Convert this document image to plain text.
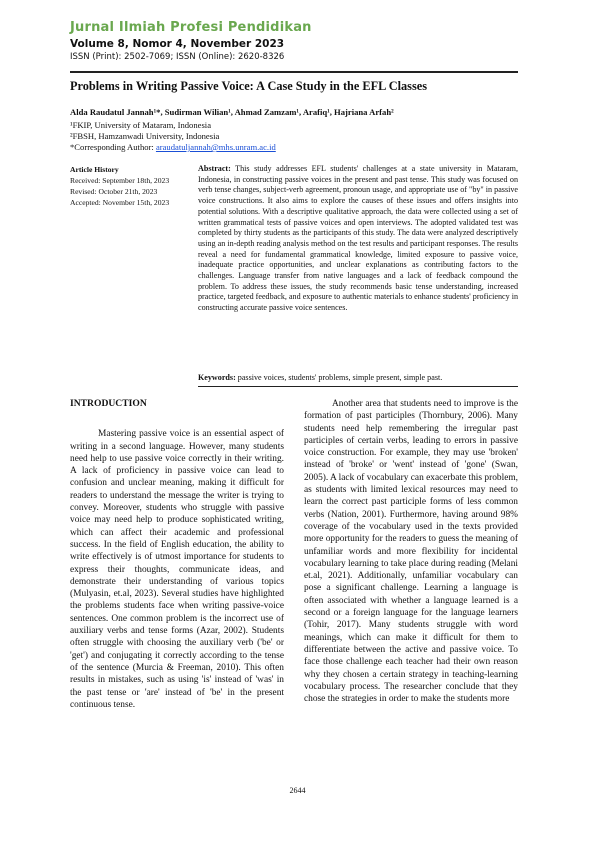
Jurnal Ilmiah Profesi Pendidikan
Volume 8, Nomor 4, November 2023
ISSN (Print): 2502-7069; ISSN (Online): 2620-8326
Problems in Writing Passive Voice: A Case Study in the EFL Classes
Alda Raudatul Jannah¹*, Sudirman Wilian¹, Ahmad Zamzam¹, Arafiq¹, Hajriana Arfah²
¹FKIP, University of Mataram, Indonesia
²FBSH, Hamzanwadi University, Indonesia
*Corresponding Author: araudatuljannah@mhs.unram.ac.id
Article History
Received: September 18th, 2023
Revised: October 21th, 2023
Accepted: November 15th, 2023
Abstract: This study addresses EFL students' challenges at a state university in Mataram, Indonesia, in constructing passive voices in the present and past tense. This study was focused on verb tense changes, subject-verb agreement, pronoun usage, and appropriate use of "by" in passive voice constructions. It also aims to explore the causes of these issues and offers insights into potential solutions. With a descriptive qualitative approach, the data were collected using a set of written grammatical tests of passive voices and open interviews. The adopted validated test was completed by thirty students as the participants of this study. The data were analyzed descriptively using an in-depth reading analysis method on the test results and participant responses. The results reveal a need for fundamental grammatical knowledge, limited exposure to passive voice, inadequate practice opportunities, and unclear explanations as contributing factors to the challenges. Language transfer from native languages and a lack of feedback compound the problem. To address these issues, the study recommends basic tense understanding, increased practice, targeted feedback, and exposure to authentic materials to enhance students' proficiency in constructing accurate passive voice sentences.
Keywords: passive voices, students' problems, simple present, simple past.
INTRODUCTION

Mastering passive voice is an essential aspect of writing in a second language. However, many students need help to use passive voice correctly in their writing. A lack of proficiency in passive voice can lead to confusion and unclear meaning, making it difficult for readers to understand the message the writer is trying to convey. Moreover, students who struggle with passive voice may need help to produce sophisticated writing, which can affect their academic and professional success. In the field of English education, the ability to write effectively is of utmost importance for students to express their thoughts, communicate ideas, and demonstrate their understanding of various topics (Mulyasin, et.al, 2023). Several studies have highlighted the problems students face when writing passive-voice sentences. One common problem is the incorrect use of auxiliary verbs and tense forms (Azar, 2002). Students often struggle with choosing the auxiliary verb ('be' or 'get') and conjugating it correctly according to the tense of the sentence (Murcia & Freeman, 2010). This often results in mistakes, such as using 'is' instead of 'was' in the past tense or 'are' instead of 'be' in the present continuous tense.

Another area that students need to improve is the formation of past participles (Thornbury, 2006). Many students need help remembering the irregular past participles of certain verbs, leading to errors in passive voice construction. For example, they may use 'broken' instead of 'broke' or 'went' instead of 'gone' (Swan, 2005). A lack of vocabulary can exacerbate this problem, as students with limited lexical resources may need to learn the correct past participle forms of less common verbs (Nation, 2001). Furthermore, having around 98% coverage of the vocabulary used in the texts provided more opportunity for the readers to guess the meaning of unfamiliar words and more flexibility for incidental vocabulary learning to take place during reading (Melani et.al, 2021). Additionally, unfamiliar vocabulary can pose a significant challenge. Learning a language is often associated with whether a language learned is a second or a foreign language for the language learners (Tohir, 2017). Many students struggle with word meanings, which can make it difficult for them to differentiate between the active and passive voice. To face those challenge each teacher had their own reason why they chosen a certain strategy in teaching-learning vocabulary process. The researcher conclude that they chose the strategies in order to make the students more

2644
